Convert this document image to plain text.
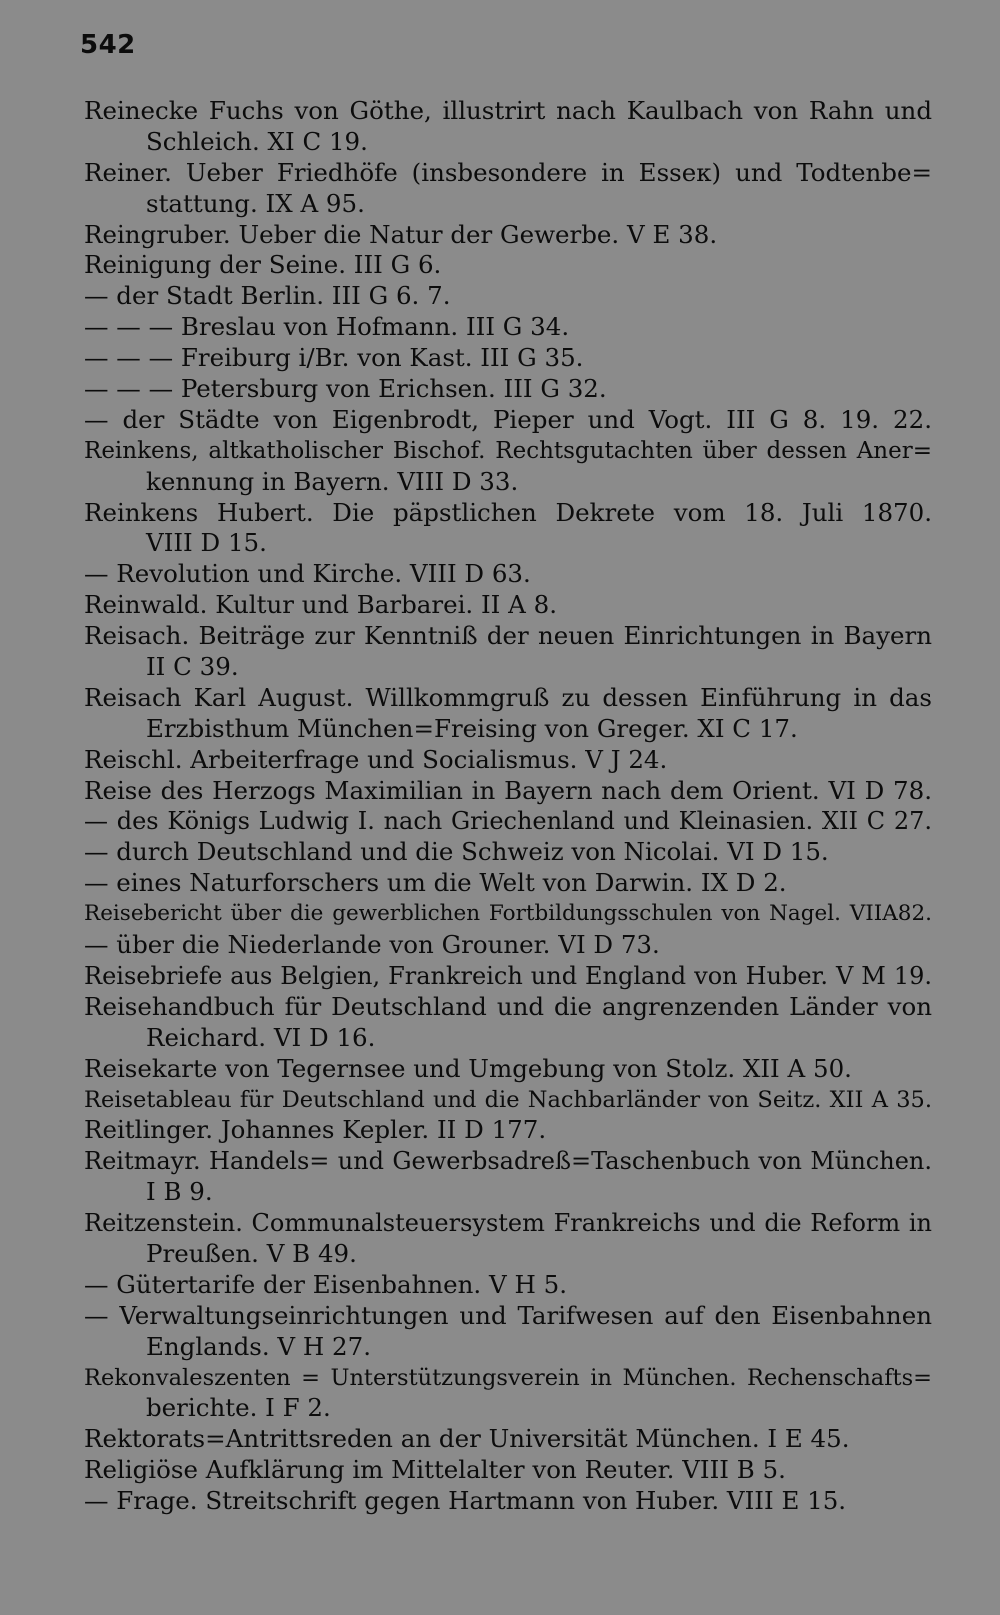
542
Reinecke Fuchs von Göthe, illustrirt nach Kaulbach von Rahn und
Schleich. XI C 19.
Reiner. Ueber Friedhöfe (insbesondere in Esseк) und Todtenbe=
stattung. IX A 95.
Reingruber. Ueber die Natur der Gewerbe. V E 38.
Reinigung der Seine. III G 6.
— der Stadt Berlin. III G 6. 7.
— — — Breslau von Hofmann. III G 34.
— — — Freiburg i/Br. von Kast. III G 35.
— — — Petersburg von Erichsen. III G 32.
— der Städte von Eigenbrodt, Pieper und Vogt. III G 8. 19. 22.
Reinkens, altkatholischer Bischof. Rechtsgutachten über dessen Aner=
kennung in Bayern. VIII D 33.
Reinkens Hubert. Die päpstlichen Dekrete vom 18. Juli 1870.
VIII D 15.
— Revolution und Kirche. VIII D 63.
Reinwald. Kultur und Barbarei. II A 8.
Reisach. Beiträge zur Kenntniß der neuen Einrichtungen in Bayern
II C 39.
Reisach Karl August. Willkommgruß zu dessen Einführung in das
Erzbisthum München=Freising von Greger. XI C 17.
Reischl. Arbeiterfrage und Socialismus. V J 24.
Reise des Herzogs Maximilian in Bayern nach dem Orient. VI D 78.
— des Königs Ludwig I. nach Griechenland und Kleinasien. XII C 27.
— durch Deutschland und die Schweiz von Nicolai. VI D 15.
— eines Naturforschers um die Welt von Darwin. IX D 2.
Reisebericht über die gewerblichen Fortbildungsschulen von Nagel. VIIA82.
— über die Niederlande von Grouner. VI D 73.
Reisebriefe aus Belgien, Frankreich und England von Huber. V M 19.
Reisehandbuch für Deutschland und die angrenzenden Länder von
Reichard. VI D 16.
Reisekarte von Tegernsee und Umgebung von Stolz. XII A 50.
Reisetableau für Deutschland und die Nachbarländer von Seitz. XII A 35.
Reitlinger. Johannes Kepler. II D 177.
Reitmayr. Handels= und Gewerbsadreß=Taschenbuch von München.
I B 9.
Reitzenstein. Communalsteuersystem Frankreichs und die Reform in
Preußen. V B 49.
— Gütertarife der Eisenbahnen. V H 5.
— Verwaltungseinrichtungen und Tarifwesen auf den Eisenbahnen
Englands. V H 27.
Rekonvaleszenten = Unterstützungsverein in München. Rechenschafts=
berichte. I F 2.
Rektorats=Antrittsreden an der Universität München. I E 45.
Religiöse Aufklärung im Mittelalter von Reuter. VIII B 5.
— Frage. Streitschrift gegen Hartmann von Huber. VIII E 15.
